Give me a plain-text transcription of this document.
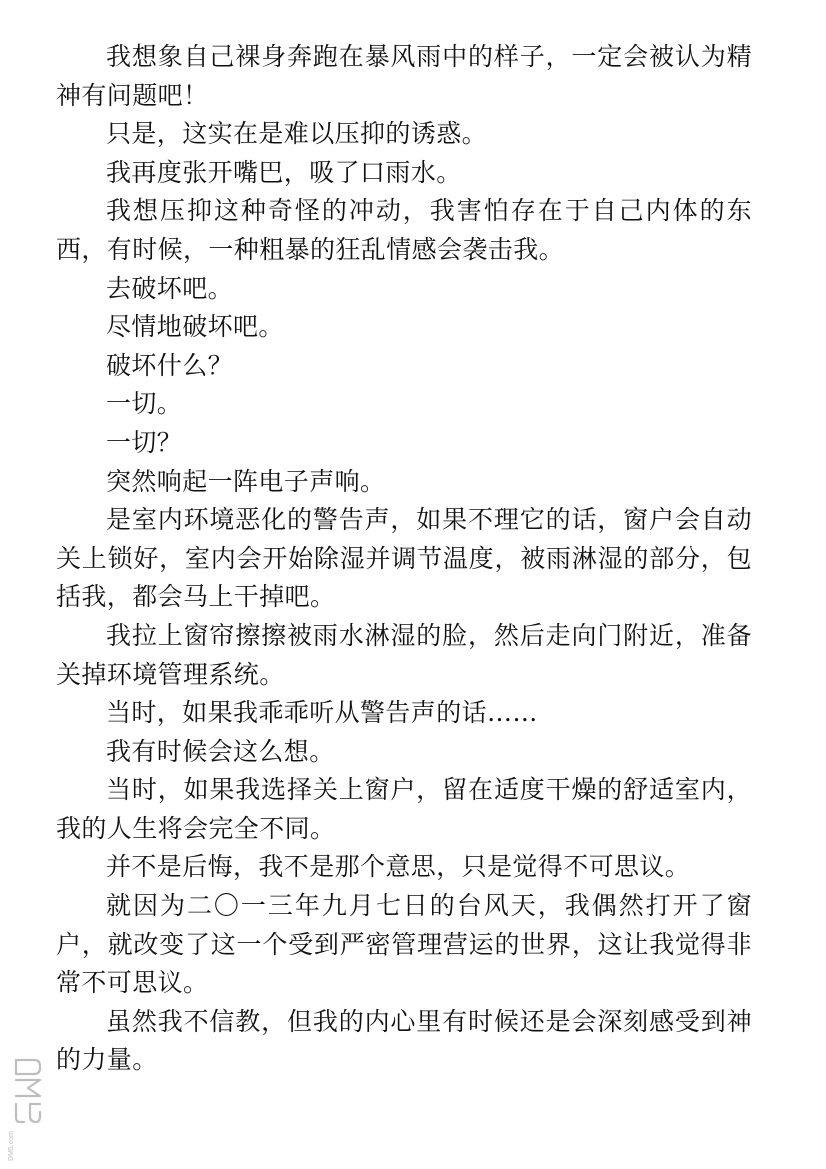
我想象自己裸身奔跑在暴风雨中的样子，一定会被认为精神有问题吧！

只是，这实在是难以压抑的诱惑。

我再度张开嘴巴，吸了口雨水。

我想压抑这种奇怪的冲动，我害怕存在于自己内体的东西，有时候，一种粗暴的狂乱情感会袭击我。

去破坏吧。

尽情地破坏吧。

破坏什么？

一切。

一切？

突然响起一阵电子声响。

是室内环境恶化的警告声，如果不理它的话，窗户会自动关上锁好，室内会开始除湿并调节温度，被雨淋湿的部分，包括我，都会马上干掉吧。

我拉上窗帘擦擦被雨水淋湿的脸，然后走向门附近，准备关掉环境管理系统。

当时，如果我乖乖听从警告声的话……

我有时候会这么想。

当时，如果我选择关上窗户，留在适度干燥的舒适室内，我的人生将会完全不同。

并不是后悔，我不是那个意思，只是觉得不可思议。

就因为二〇一三年九月七日的台风天，我偶然打开了窗户，就改变了这一个受到严密管理营运的世界，这让我觉得非常不可思议。

虽然我不信教，但我的内心里有时候还是会深刻感受到神的力量。

DM5.com
